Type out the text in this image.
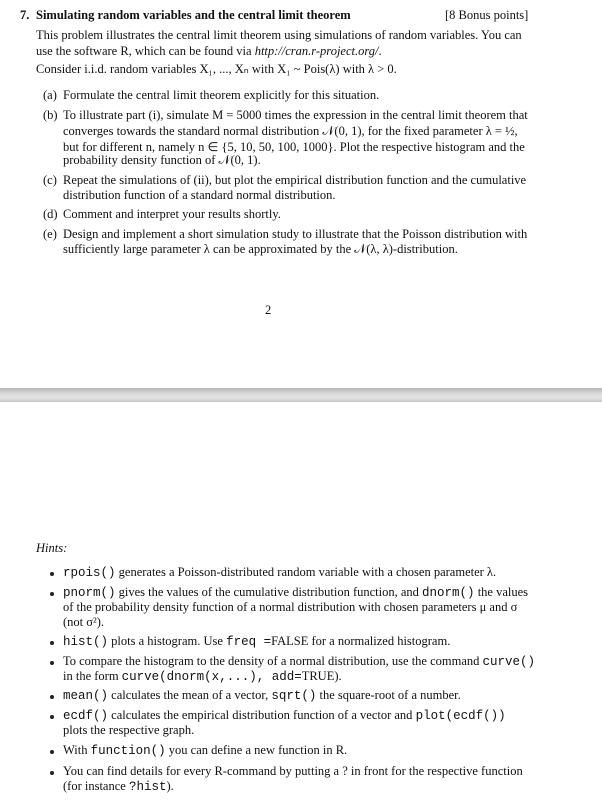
7. Simulating random variables and the central limit theorem	[8 Bonus points]
This problem illustrates the central limit theorem using simulations of random variables. You can
use the software R, which can be found via http://cran.r-project.org/.
Consider i.i.d. random variables X₁, ..., Xₙ with X₁ ~ Pois(λ) with λ > 0.
(a) Formulate the central limit theorem explicitly for this situation.
(b) To illustrate part (i), simulate M = 5000 times the expression in the central limit theorem that
converges towards the standard normal distribution 𝒩(0, 1), for the fixed parameter λ = ½,
but for different n, namely n ∈ {5, 10, 50, 100, 1000}. Plot the respective histogram and the
probability density function of 𝒩(0, 1).
(c) Repeat the simulations of (ii), but plot the empirical distribution function and the cumulative
distribution function of a standard normal distribution.
(d) Comment and interpret your results shortly.
(e) Design and implement a short simulation study to illustrate that the Poisson distribution with
sufficiently large parameter λ can be approximated by the 𝒩(λ, λ)-distribution.
2
Hints:
rpois() generates a Poisson-distributed random variable with a chosen parameter λ.
pnorm() gives the values of the cumulative distribution function, and dnorm() the values
of the probability density function of a normal distribution with chosen parameters μ and σ
(not σ²).
hist() plots a histogram. Use freq =FALSE for a normalized histogram.
To compare the histogram to the density of a normal distribution, use the command curve()
in the form curve(dnorm(x,...), add=TRUE).
mean() calculates the mean of a vector, sqrt() the square-root of a number.
ecdf() calculates the empirical distribution function of a vector and plot(ecdf())
plots the respective graph.
With function() you can define a new function in R.
You can find details for every R-command by putting a ? in front for the respective function
(for instance ?hist).
